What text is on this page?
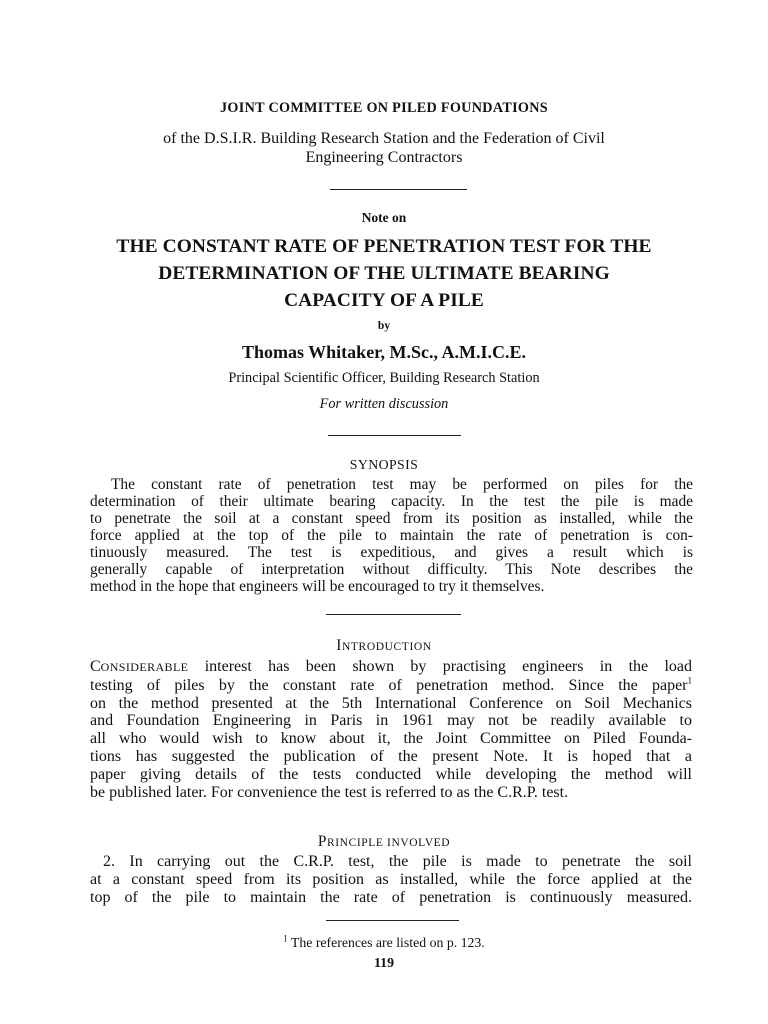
JOINT COMMITTEE ON PILED FOUNDATIONS

of the D.S.I.R. Building Research Station and the Federation of Civil

Engineering Contractors

Note on

THE CONSTANT RATE OF PENETRATION TEST FOR THE

DETERMINATION OF THE ULTIMATE BEARING

CAPACITY OF A PILE

by

Thomas Whitaker, M.Sc., A.M.I.C.E.

Principal Scientific Officer, Building Research Station

For written discussion

SYNOPSIS

The constant rate of penetration test may be performed on piles for the
determination of their ultimate bearing capacity. In the test the pile is made
to penetrate the soil at a constant speed from its position as installed, while the
force applied at the top of the pile to maintain the rate of penetration is con-
tinuously measured. The test is expeditious, and gives a result which is
generally capable of interpretation without difficulty. This Note describes the
method in the hope that engineers will be encouraged to try it themselves.

INTRODUCTION

CONSIDERABLE interest has been shown by practising engineers in the load
testing of piles by the constant rate of penetration method. Since the paper$^1$
on the method presented at the 5th International Conference on Soil Mechanics
and Foundation Engineering in Paris in 1961 may not be readily available to
all who would wish to know about it, the Joint Committee on Piled Founda-
tions has suggested the publication of the present Note. It is hoped that a
paper giving details of the tests conducted while developing the method will
be published later. For convenience the test is referred to as the C.R.P. test.

PRINCIPLE INVOLVED

2. In carrying out the C.R.P. test, the pile is made to penetrate the soil
at a constant speed from its position as installed, while the force applied at the
top of the pile to maintain the rate of penetration is continuously measured.

$^1$ The references are listed on p. 123.

119
